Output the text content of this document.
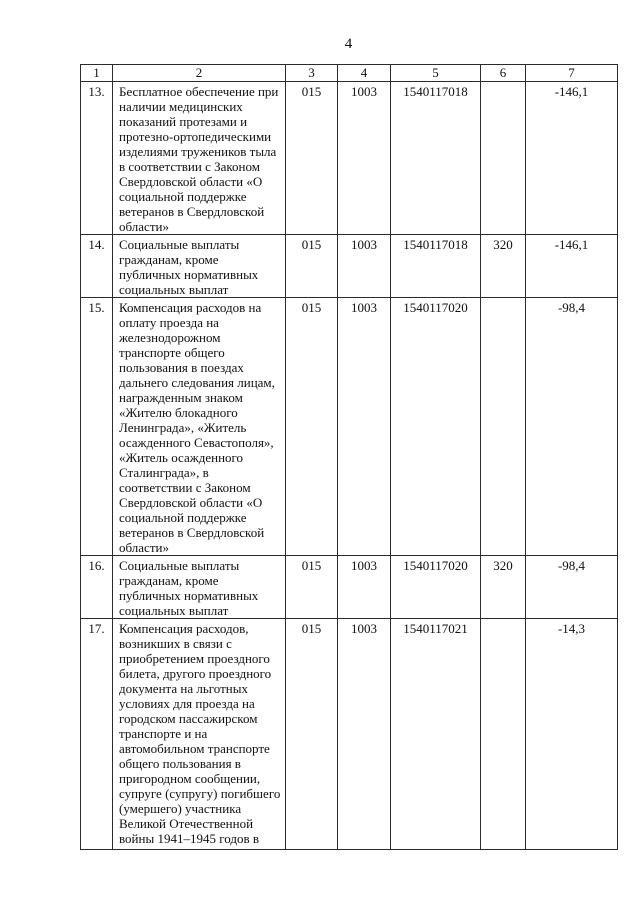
4
1	2	3	4	5	6	7
13.	Бесплатное обеспечение при наличии медицинских показаний протезами и протезно-ортопедическими изделиями тружеников тыла в соответствии с Законом Свердловской области «О социальной поддержке ветеранов в Свердловской области»	015	1003	1540117018		-146,1
14.	Социальные выплаты гражданам, кроме публичных нормативных социальных выплат	015	1003	1540117018	320	-146,1
15.	Компенсация расходов на оплату проезда на железнодорожном транспорте общего пользования в поездах дальнего следования лицам, награжденным знаком «Жителю блокадного Ленинграда», «Житель осажденного Севастополя», «Житель осажденного Сталинграда», в соответствии с Законом Свердловской области «О социальной поддержке ветеранов в Свердловской области»	015	1003	1540117020		-98,4
16.	Социальные выплаты гражданам, кроме публичных нормативных социальных выплат	015	1003	1540117020	320	-98,4
17.	Компенсация расходов, возникших в связи с приобретением проездного билета, другого проездного документа на льготных условиях для проезда на городском пассажирском транспорте и на автомобильном транспорте общего пользования в пригородном сообщении, супруге (супругу) погибшего (умершего) участника Великой Отечественной войны 1941–1945 годов в	015	1003	1540117021		-14,3
